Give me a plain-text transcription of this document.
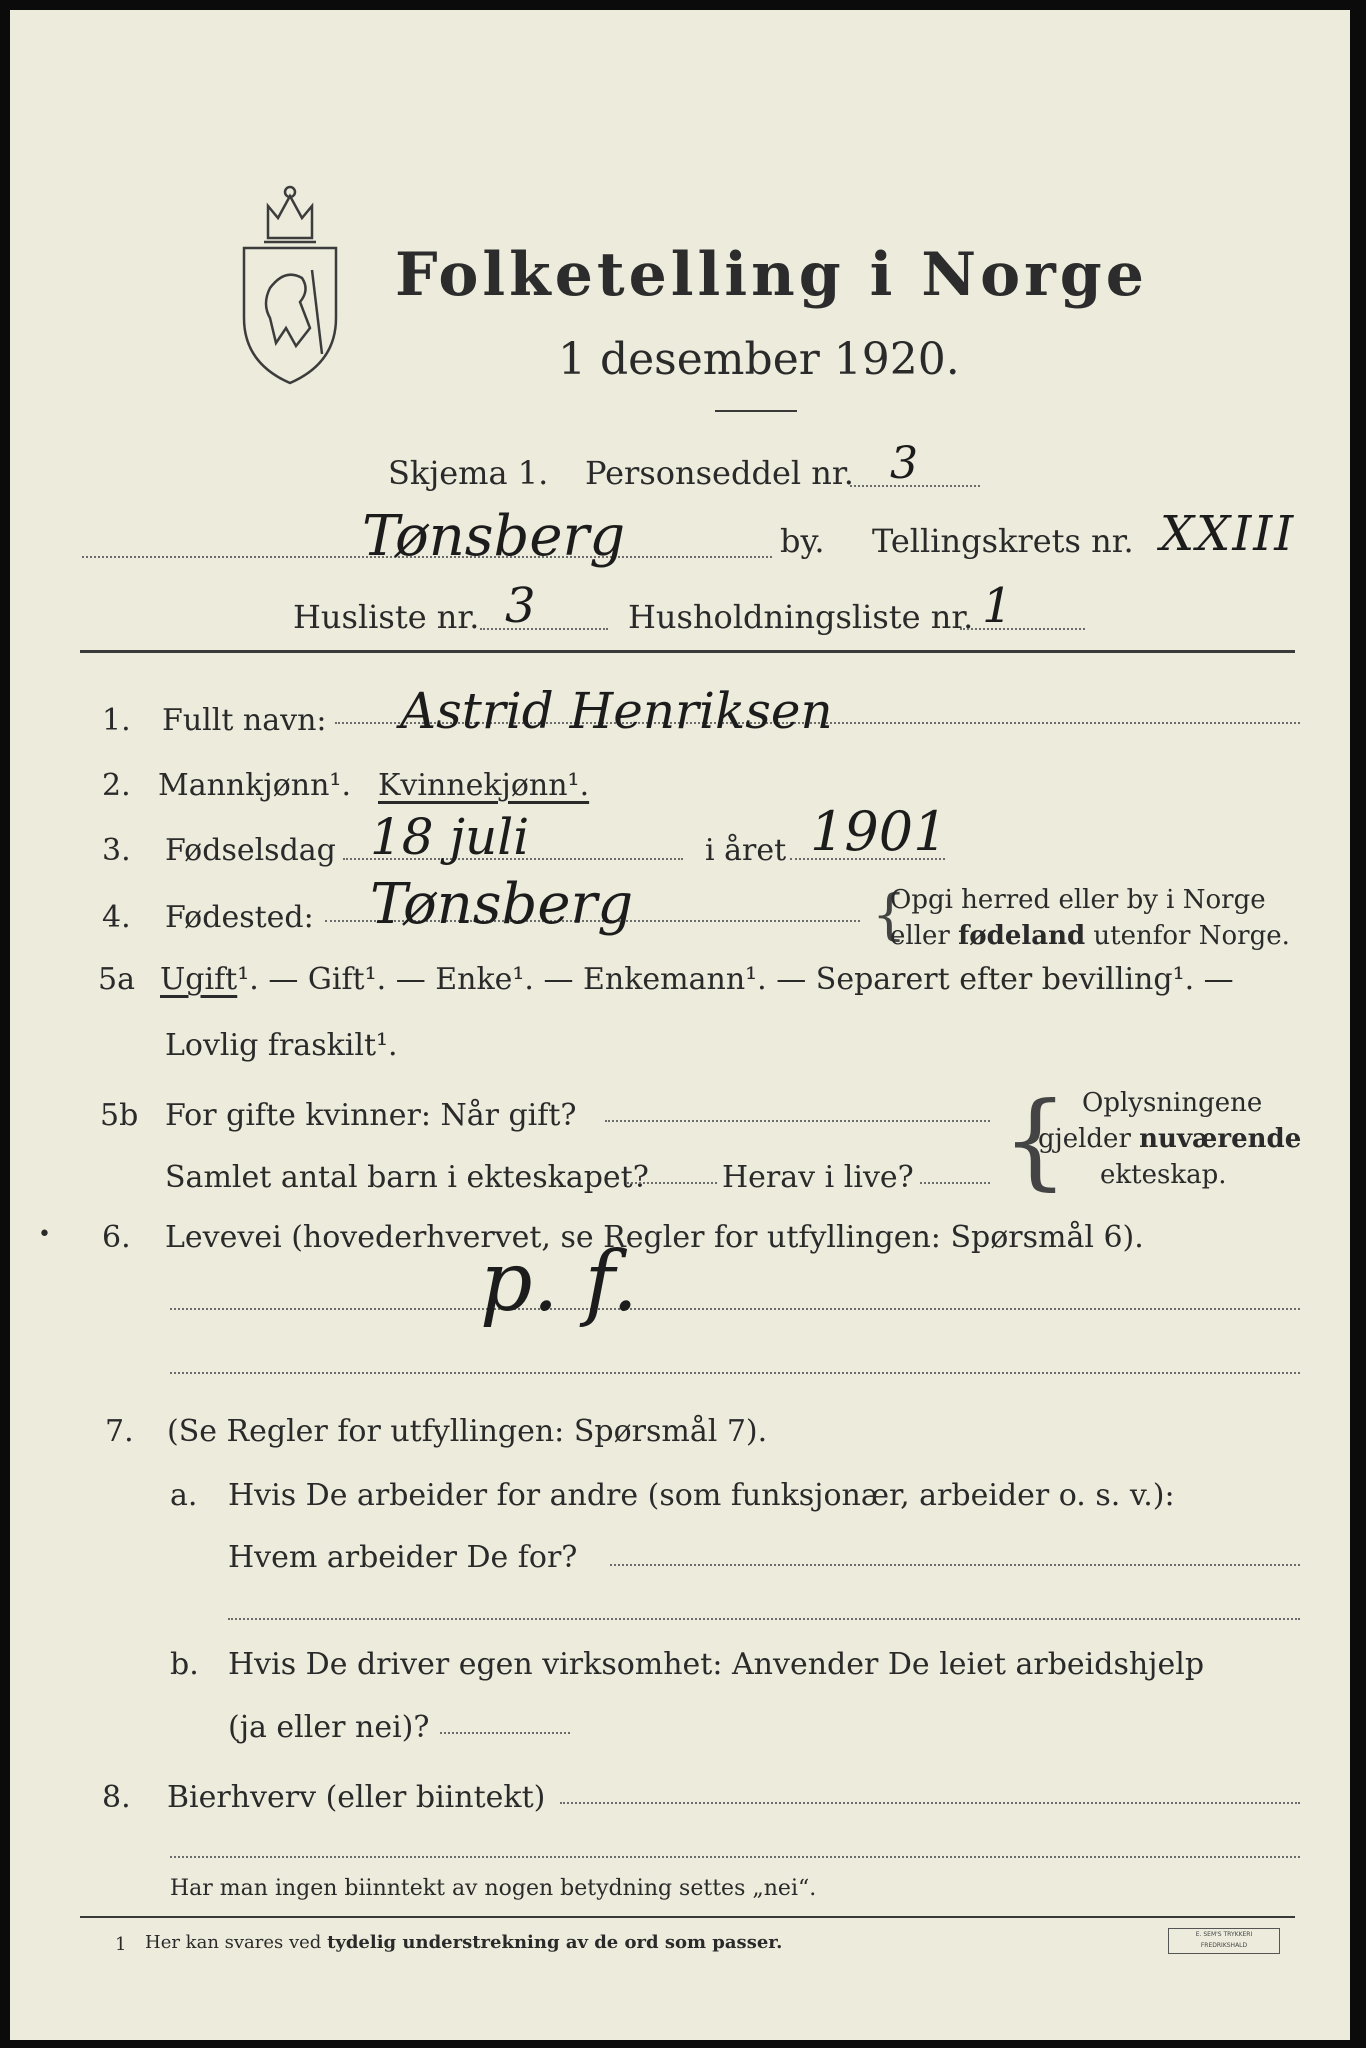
Folketelling i Norge
1 desember 1920.
Skjema 1. Personseddel nr. 3
Tønsberg	by. Tellingskrets nr. XXIII
Husliste nr. 3	Husholdningsliste nr. 1
1. Fullt navn: Astrid Henriksen
2. Mannkjønn¹. Kvinnekjønn¹.
3. Fødselsdag 18 juli	i året 1901
4. Fødested: Tønsberg	{
Opgi herred eller by i Norge
eller fødeland utenfor Norge.
5a Ugift¹. — Gift¹. — Enke¹. — Enkemann¹. — Separert efter bevilling¹. —
Lovlig fraskilt¹.
5b For gifte kvinner: Når gift?
Samlet antal barn i ekteskapet? Herav i live? { Oplysningene
gjelder nuværende
ekteskap.
• 6. Levevei (hovederhvervet, se Regler for utfyllingen: Spørsmål 6).
p. f.
7. (Se Regler for utfyllingen: Spørsmål 7).
a. Hvis De arbeider for andre (som funksjonær, arbeider o. s. v.):
Hvem arbeider De for?
b. Hvis De driver egen virksomhet: Anvender De leiet arbeidshjelp
(ja eller nei)?
8. Bierhverv (eller biintekt)
Har man ingen biinntekt av nogen betydning settes „nei“.
1 Her kan svares ved tydelig understrekning av de ord som passer.	E. SEM'S TRYKKERI
FREDRIKSHALD
